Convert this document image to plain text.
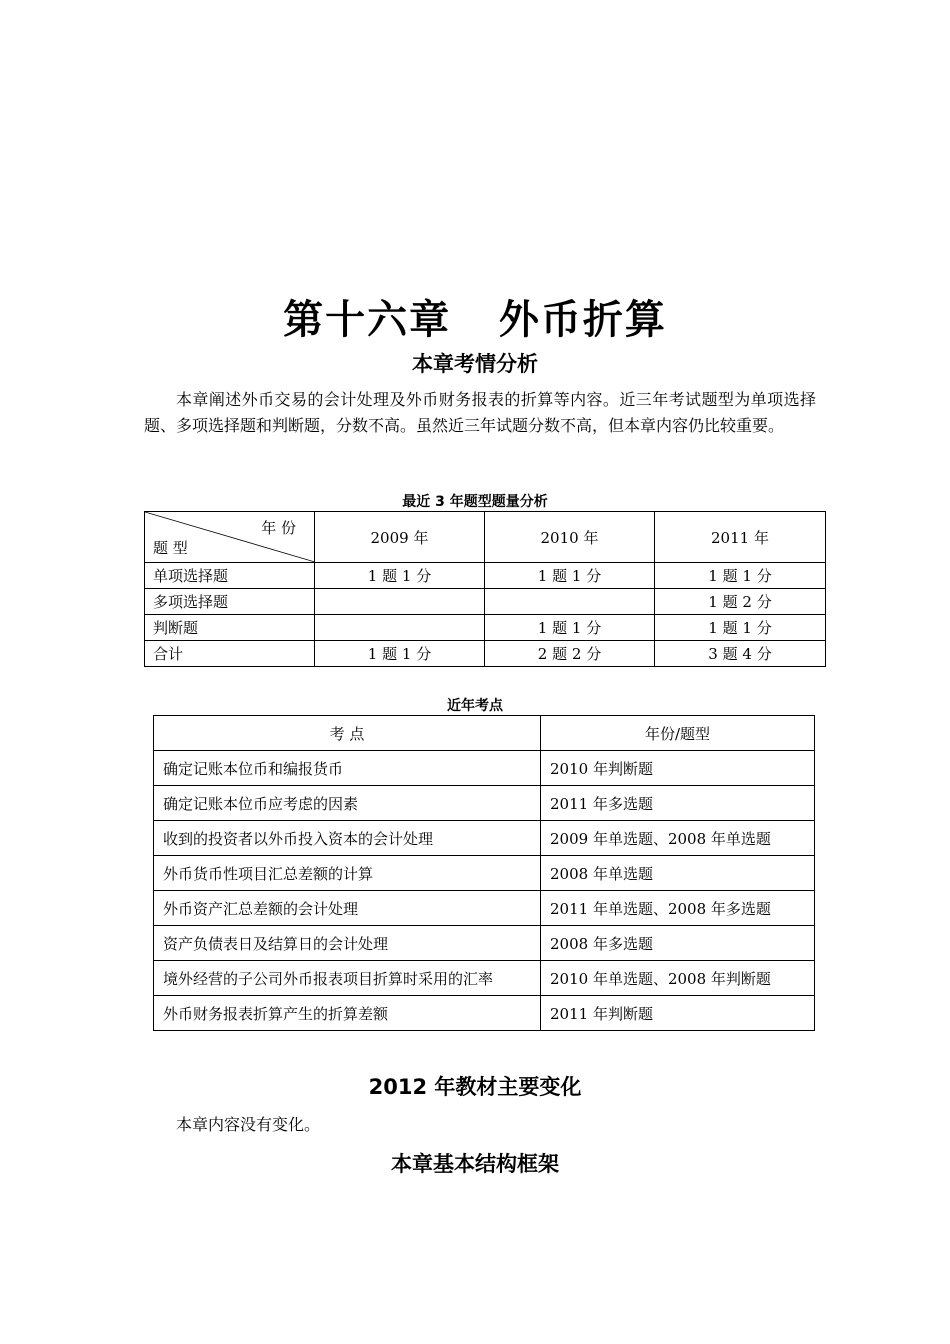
第十六章   外币折算
本章考情分析

本章阐述外币交易的会计处理及外币财务报表的折算等内容。近三年考试题型为单项选择题、多项选择题和判断题，分数不高。虽然近三年试题分数不高，但本章内容仍比较重要。

最近 3 年题型题量分析
年 份
题 型	2009 年	2010 年	2011 年
单项选择题	1 题 1 分	1 题 1 分	1 题 1 分
多项选择题			1 题 2 分
判断题		1 题 1 分	1 题 1 分
合计	1 题 1 分	2 题 2 分	3 题 4 分
近年考点
考 点	年份/题型
确定记账本位币和编报货币	2010 年判断题
确定记账本位币应考虑的因素	2011 年多选题
收到的投资者以外币投入资本的会计处理	2009 年单选题、2008 年单选题
外币货币性项目汇总差额的计算	2008 年单选题
外币资产汇总差额的会计处理	2011 年单选题、2008 年多选题
资产负债表日及结算日的会计处理	2008 年多选题
境外经营的子公司外币报表项目折算时采用的汇率	2010 年单选题、2008 年判断题
外币财务报表折算产生的折算差额	2011 年判断题
2012 年教材主要变化
本章内容没有变化。
本章基本结构框架
